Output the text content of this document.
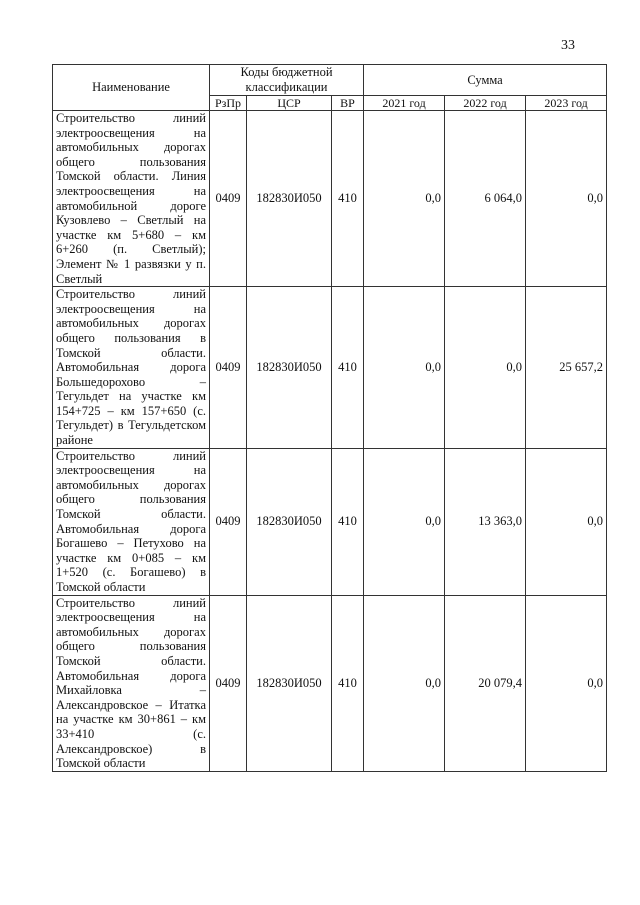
33
Наименование	Коды бюджетной классификации			Сумма		
	РзПр	ЦСР	ВР	2021 год	2022 год	2023 год
Строительство линий электроосвещения на автомобильных дорогах общего пользования Томской области. Линия электроосвещения на автомобильной дороге Кузовлево – Светлый на участке км 5+680 – км 6+260 (п. Светлый); Элемент № 1 развязки у п. Светлый	0409	182830И050	410	0,0	6 064,0	0,0
Строительство линий электроосвещения на автомобильных дорогах общего пользования в Томской области. Автомобильная дорога Большедорохово – Тегульдет на участке км 154+725 – км 157+650 (с. Тегульдет) в Тегульдетском районе	0409	182830И050	410	0,0	0,0	25 657,2
Строительство линий электроосвещения на автомобильных дорогах общего пользования Томской области. Автомобильная дорога Богашево – Петухово на участке км 0+085 – км 1+520 (с. Богашево) в Томской области	0409	182830И050	410	0,0	13 363,0	0,0
Строительство линий электроосвещения на автомобильных дорогах общего пользования Томской области. Автомобильная дорога Михайловка – Александровское – Итатка на участке км 30+861 – км 33+410 (с. Александровское) в Томской области	0409	182830И050	410	0,0	20 079,4	0,0
